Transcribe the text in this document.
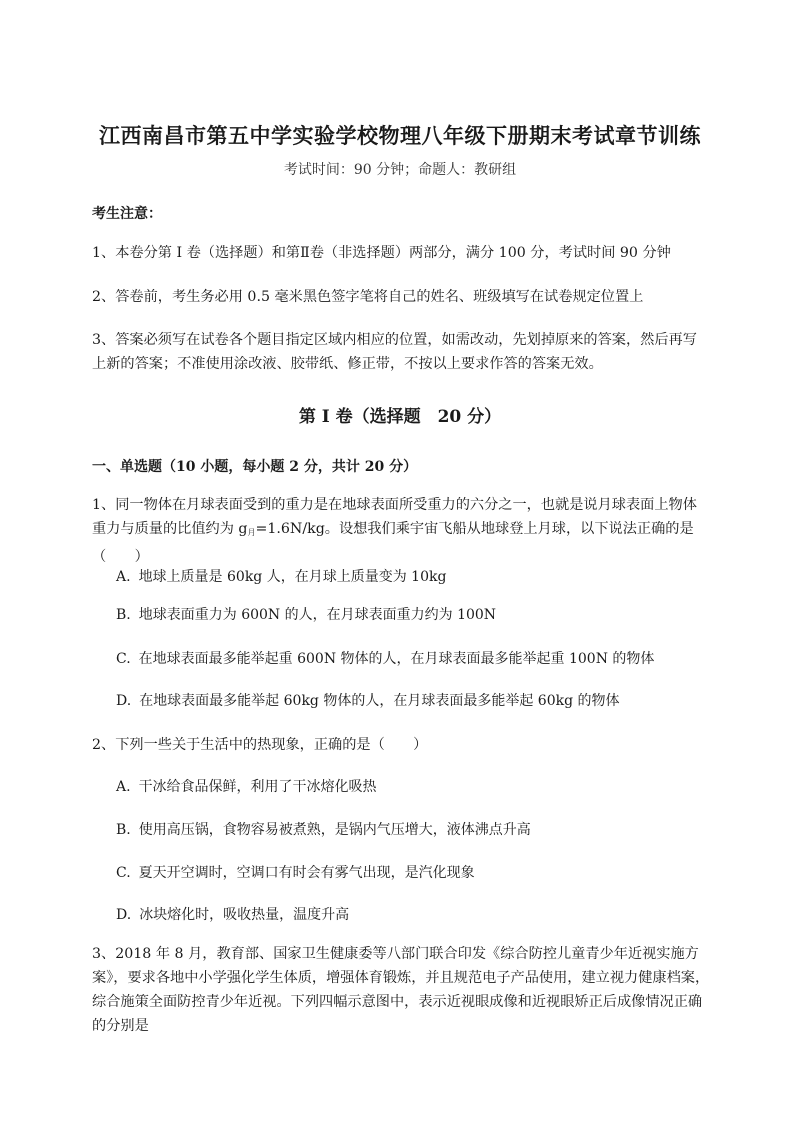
江西南昌市第五中学实验学校物理八年级下册期末考试章节训练
考试时间：90 分钟；命题人：教研组
考生注意：

1、本卷分第 I 卷（选择题）和第Ⅱ卷（非选择题）两部分，满分 100 分，考试时间 90 分钟

2、答卷前，考生务必用 0.5 毫米黑色签字笔将自己的姓名、班级填写在试卷规定位置上

3、答案必须写在试卷各个题目指定区域内相应的位置，如需改动，先划掉原来的答案，然后再写上新的答案；不准使用涂改液、胶带纸、修正带，不按以上要求作答的答案无效。

第 I 卷（选择题　20 分）
一、单选题（10 小题，每小题 2 分，共计 20 分）

1、同一物体在月球表面受到的重力是在地球表面所受重力的六分之一，也就是说月球表面上物体重力与质量的比值约为 $g_月=1.6N/kg$。设想我们乘宇宙飞船从地球登上月球，以下说法正确的是（　　）

A. 地球上质量是 60kg 人，在月球上质量变为 10kg
B. 地球表面重力为 600N 的人，在月球表面重力约为 100N
C. 在地球表面最多能举起重 600N 物体的人，在月球表面最多能举起重 100N 的物体
D. 在地球表面最多能举起 60kg 物体的人，在月球表面最多能举起 60kg 的物体

2、下列一些关于生活中的热现象，正确的是（　　）

A. 干冰给食品保鲜，利用了干冰熔化吸热
B. 使用高压锅，食物容易被煮熟，是锅内气压增大，液体沸点升高
C. 夏天开空调时，空调口有时会有雾气出现，是汽化现象
D. 冰块熔化时，吸收热量，温度升高

3、2018 年 8 月，教育部、国家卫生健康委等八部门联合印发《综合防控儿童青少年近视实施方案》，要求各地中小学强化学生体质，增强体育锻炼，并且规范电子产品使用，建立视力健康档案，综合施策全面防控青少年近视。下列四幅示意图中，表示近视眼成像和近视眼矫正后成像情况正确的分别是
